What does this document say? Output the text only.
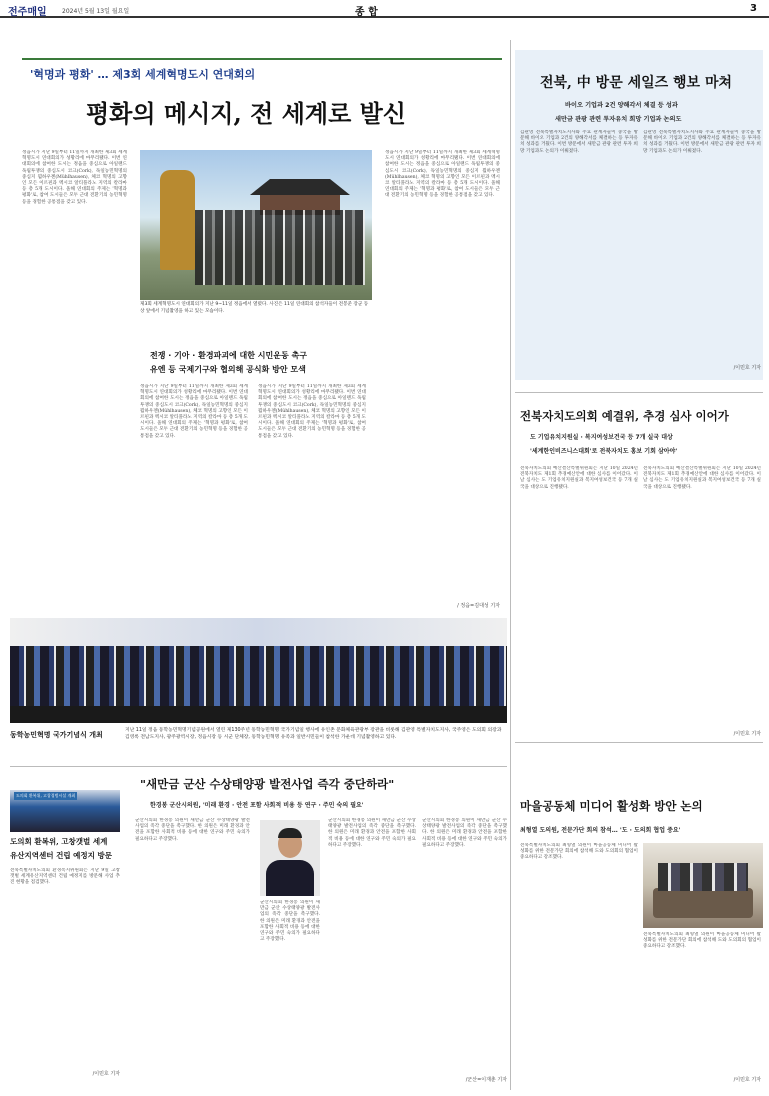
전주매일	2024년 5월 13일 월요일	종 합	3
'혁명과 평화' … 제3회 세계혁명도시 연대회의
평화의 메시지, 전 세계로 발신
정읍시가 지난 9일부터 11일까지 개최한 제3회 세계혁명도시 연대회의가 성황리에 마무리됐다. 이번 연대회의에 참여한 도시는 정읍을 중심으로 아일랜드 독립투쟁의 중심도시 코크(Cork), 독일농민혁명의 중심지 뮐하우젠(Mühlhausen), 체코 혁명의 고향인 모든 이르핀과 멕시코 알티플라노 지역의 칼라마 등 총 5개 도시이다. 올해 연대회의 주제는 '혁명과 평화'로, 참여 도시들은 모두 근대 전환기의 농민혁명 등을 경험한 공통점을 갖고 있다.
제3회 세계혁명도시 연대회의가 지난 9~11일 정읍에서 열렸다. 사진은 11일 연대회의 참석자들이 전봉준 장군 동상 앞에서 기념촬영을 하고 있는 모습이다.
전쟁 · 기아 · 환경파괴에 대한 시민운동 촉구
유엔 등 국제기구와 협의해 공식화 방안 모색
정읍시가 지난 9일부터 11일까지 개최한 제3회 세계혁명도시 연대회의가 성황리에 마무리됐다. 이번 연대회의에 참여한 도시는 정읍을 중심으로 아일랜드 독립투쟁의 중심도시 코크(Cork), 독일농민혁명의 중심지 뮐하우젠(Mühlhausen), 체코 혁명의 고향인 모든 이르핀과 멕시코 알티플라노 지역의 칼라마 등 총 5개 도시이다. 올해 연대회의 주제는 '혁명과 평화'로, 참여 도시들은 모두 근대 전환기의 농민혁명 등을 경험한 공통점을 갖고 있다.
정읍시가 지난 9일부터 11일까지 개최한 제3회 세계혁명도시 연대회의가 성황리에 마무리됐다. 이번 연대회의에 참여한 도시는 정읍을 중심으로 아일랜드 독립투쟁의 중심도시 코크(Cork), 독일농민혁명의 중심지 뮐하우젠(Mühlhausen), 체코 혁명의 고향인 모든 이르핀과 멕시코 알티플라노 지역의 칼라마 등 총 5개 도시이다. 올해 연대회의 주제는 '혁명과 평화'로, 참여 도시들은 모두 근대 전환기의 농민혁명 등을 경험한 공통점을 갖고 있다.
정읍시가 지난 9일부터 11일까지 개최한 제3회 세계혁명도시 연대회의가 성황리에 마무리됐다. 이번 연대회의에 참여한 도시는 정읍을 중심으로 아일랜드 독립투쟁의 중심도시 코크(Cork), 독일농민혁명의 중심지 뮐하우젠(Mühlhausen), 체코 혁명의 고향인 모든 이르핀과 멕시코 알티플라노 지역의 칼라마 등 총 5개 도시이다. 올해 연대회의 주제는 '혁명과 평화'로, 참여 도시들은 모두 근대 전환기의 농민혁명 등을 경험한 공통점을 갖고 있다.
/ 정읍=김대성 기자
전북, 中 방문 세일즈 행보 마쳐
바이오 기업과 2건 양해각서 체결 등 성과
새만금 관광 관련 투자유치 희망 기업과 논의도
김관영 전북특별자치도지사와 주요 관계자들이 중국을 방문해 바이오 기업과 2건의 양해각서를 체결하는 등 투자유치 성과를 거뒀다. 이번 방문에서 새만금 관광 관련 투자 희망 기업과도 논의가 이뤄졌다.
김관영 전북특별자치도지사와 주요 관계자들이 중국을 방문해 바이오 기업과 2건의 양해각서를 체결하는 등 투자유치 성과를 거뒀다. 이번 방문에서 새만금 관광 관련 투자 희망 기업과도 논의가 이뤄졌다.
/이민호 기자
전북자치도의회 예결위, 추경 심사 이어가
도 기업유치지원실 · 복지여성보건국 등 7개 실국 대상
'세계한인비즈니스대회'로 전북자치도 홍보 기회 삼아야'
전북자치도의회 예산결산특별위원회는 지난 10일 2024년 전북자치도 제1회 추경예산안에 대한 심사를 이어갔다. 이날 심사는 도 기업유치지원실과 복지여성보건국 등 7개 실국을 대상으로 진행됐다.
전북자치도의회 예산결산특별위원회는 지난 10일 2024년 전북자치도 제1회 추경예산안에 대한 심사를 이어갔다. 이날 심사는 도 기업유치지원실과 복지여성보건국 등 7개 실국을 대상으로 진행됐다.
/이민호 기자
동학농민혁명 국가기념식 개최
지난 11일 정읍 동학농민혁명기념공원에서 열린 제130주년 동학농민혁명 국가기념일 행사에 유인촌 문화체육관광부 장관을 비롯해 김관영 특별자치도지사, 국주영은 도의회 의장과 김영록 전남도지사, 광주광역시장, 정읍시장 등 시군 단체장, 동학농민혁명 유족과 일반시민들이 참석한 가운데 기념촬영하고 있다.
도의회 환복위, 고창경범시설 개최
도의회 환복위, 고창갯벌 세계
유산지역센터 건립 예정지 방문
전북특별자치도의회 환경복지위원회는 지난 9일 고창 갯벌 세계유산지역센터 건립 예정지를 방문해 사업 추진 현황을 점검했다.
/이민호 기자
"새만금 군산 수상태양광 발전사업 즉각 중단하라"
한경봉 군산시의원, '미래 환경 · 안전 포함 사회적 비용 등 연구 · 주민 숙의 필요'
군산시의회 한경봉 의원이 새만금 군산 수상태양광 발전사업의 즉각 중단을 촉구했다. 한 의원은 미래 환경과 안전을 포함한 사회적 비용 등에 대한 연구와 주민 숙의가 필요하다고 주장했다.
군산시의회 한경봉 의원이 새만금 군산 수상태양광 발전사업의 즉각 중단을 촉구했다. 한 의원은 미래 환경과 안전을 포함한 사회적 비용 등에 대한 연구와 주민 숙의가 필요하다고 주장했다.
군산시의회 한경봉 의원이 새만금 군산 수상태양광 발전사업의 즉각 중단을 촉구했다. 한 의원은 미래 환경과 안전을 포함한 사회적 비용 등에 대한 연구와 주민 숙의가 필요하다고 주장했다.
군산시의회 한경봉 의원이 새만금 군산 수상태양광 발전사업의 즉각 중단을 촉구했다. 한 의원은 미래 환경과 안전을 포함한 사회적 비용 등에 대한 연구와 주민 숙의가 필요하다고 주장했다.
/군산=이재춘 기자
마을공동체 미디어 활성화 방안 논의
최형열 도의원, 전문가단 회의 참석… '도 · 도의회 협업 중요'
전북특별자치도의회 최형열 의원이 마을공동체 미디어 활성화를 위한 전문가단 회의에 참석해 도와 도의회의 협업이 중요하다고 강조했다.
전북특별자치도의회 최형열 의원이 마을공동체 미디어 활성화를 위한 전문가단 회의에 참석해 도와 도의회의 협업이 중요하다고 강조했다.
/이민호 기자
